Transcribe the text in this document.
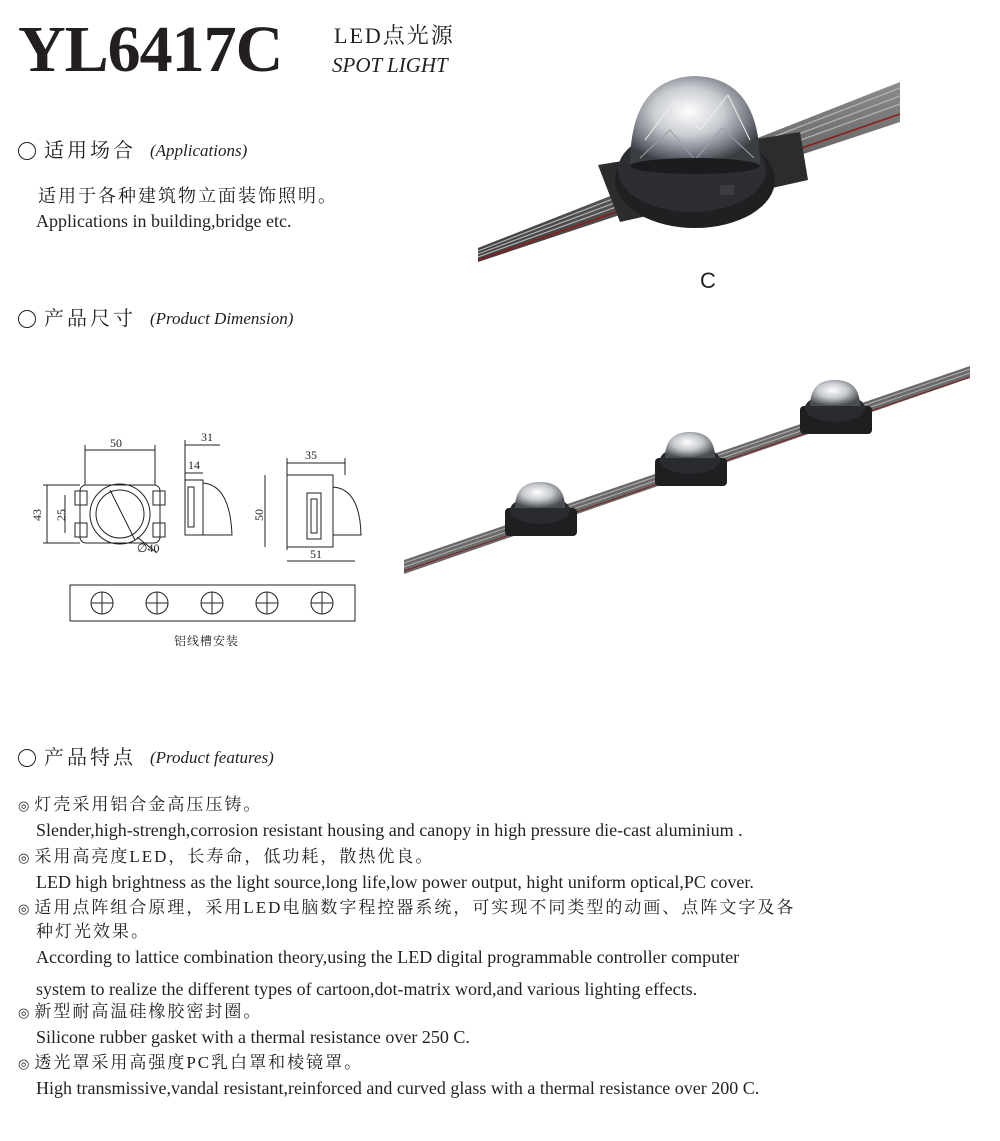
YL6417C LED点光源
SPOT LIGHT
适用场合 (Applications)
适用于各种建筑物立面装饰照明。
Applications in building,bridge etc.
C
产品尺寸 (Product Dimension)
50
43 25
∅40
31
14
35
50
51
铝线槽安装
产品特点 (Product features)
◎ 灯壳采用铝合金高压压铸。
Slender,high-strengh,corrosion resistant housing and canopy in high pressure die-cast aluminium .
◎ 采用高亮度LED，长寿命，低功耗，散热优良。
LED high brightness as the light source,long life,low power output, hight uniform optical,PC cover.
◎ 适用点阵组合原理，采用LED电脑数字程控器系统，可实现不同类型的动画、点阵文字及各
种灯光效果。
According to lattice combination theory,using the LED digital programmable controller computer
system to realize the different types of cartoon,dot-matrix word,and various lighting effects.
◎ 新型耐高温硅橡胶密封圈。
Silicone rubber gasket with a thermal resistance over 250 C.
◎ 透光罩采用高强度PC乳白罩和棱镜罩。
High transmissive,vandal resistant,reinforced and curved glass with a thermal resistance over 200 C.
